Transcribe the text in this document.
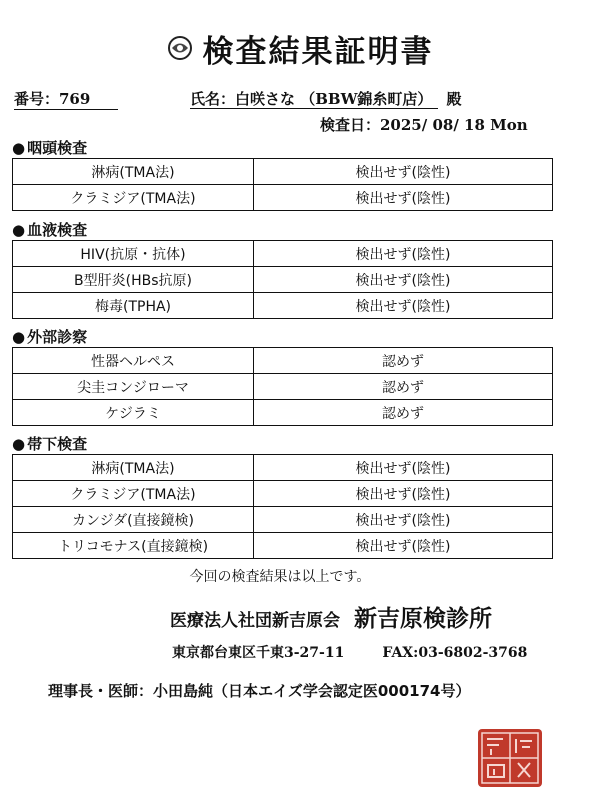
検査結果証明書
番号：769	氏名：白咲さな （BBW錦糸町店） 殿
検査日：2025/ 08/ 18 Mon
● 咽頭検査
淋病(TMA法)	検出せず(陰性)
クラミジア(TMA法)	検出せず(陰性)
● 血液検査
HIV(抗原・抗体)	検出せず(陰性)
B型肝炎(HBs抗原)	検出せず(陰性)
梅毒(TPHA)	検出せず(陰性)
● 外部診察
性器ヘルペス	認めず
尖圭コンジローマ	認めず
ケジラミ	認めず
● 帯下検査
淋病(TMA法)	検出せず(陰性)
クラミジア(TMA法)	検出せず(陰性)
カンジダ(直接鏡検)	検出せず(陰性)
トリコモナス(直接鏡検)	検出せず(陰性)
今回の検査結果は以上です。
医療法人社団新吉原会 新吉原検診所
東京都台東区千東3-27-11	FAX:03-6802-3768
理事長・医師：小田島純（日本エイズ学会認定医000174号）
